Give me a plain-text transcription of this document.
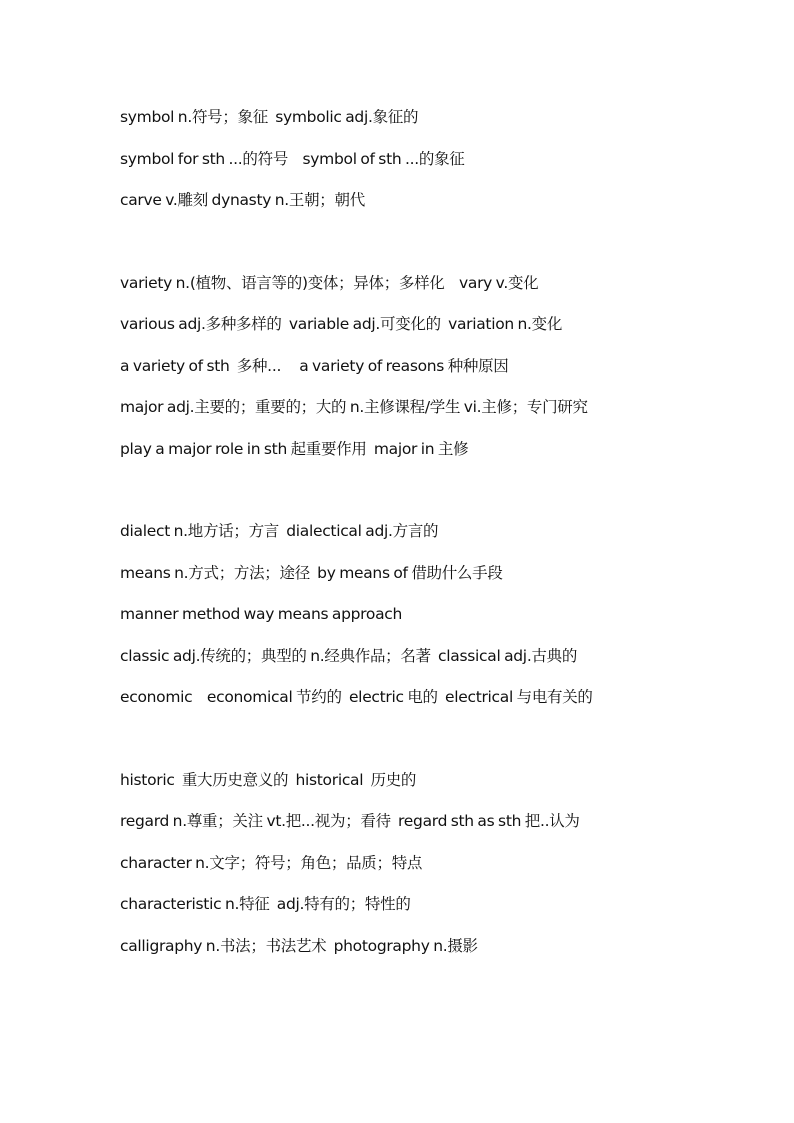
symbol n.符号；象征  symbolic adj.象征的
symbol for sth ...的符号    symbol of sth ...的象征
carve v.雕刻 dynasty n.王朝；朝代
variety n.(植物、语言等的)变体；异体；多样化    vary v.变化
various adj.多种多样的  variable adj.可变化的  variation n.变化
a variety of sth  多种...     a variety of reasons 种种原因
major adj.主要的；重要的；大的 n.主修课程/学生 vi.主修；专门研究
play a major role in sth 起重要作用  major in 主修
dialect n.地方话；方言  dialectical adj.方言的
means n.方式；方法；途径  by means of 借助什么手段
manner method way means approach
classic adj.传统的；典型的 n.经典作品；名著  classical adj.古典的
economic    economical 节约的  electric 电的  electrical 与电有关的
historic  重大历史意义的  historical  历史的
regard n.尊重；关注 vt.把...视为；看待  regard sth as sth 把..认为
character n.文字；符号；角色；品质；特点
characteristic n.特征  adj.特有的；特性的
calligraphy n.书法；书法艺术  photography n.摄影
